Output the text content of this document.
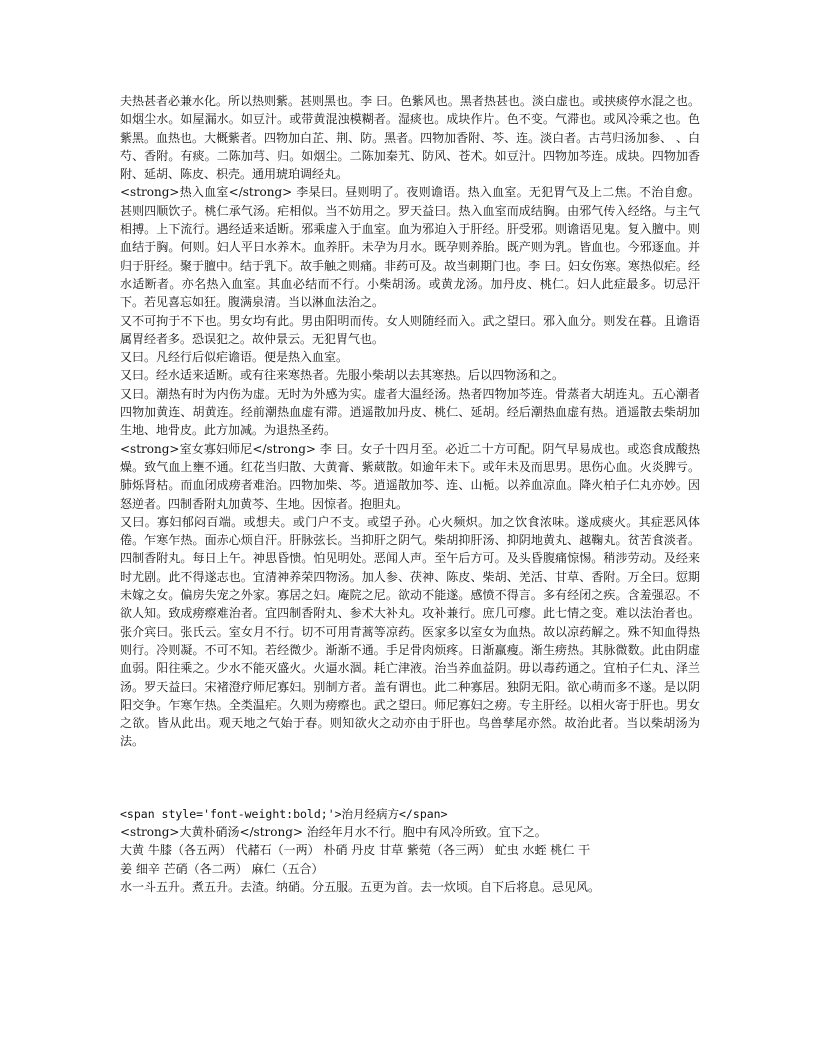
夫热甚者必兼水化。所以热则紫。甚则黑也。李 曰。色紫风也。黑者热甚也。淡白虚也。或挟痰停水混之也。如烟尘水。如屋漏水。如豆汁。或带黄混浊模糊者。湿痰也。成块作片。色不变。气滞也。或风冷乘之也。色紫黑。血热也。大概紫者。四物加白芷、荆、防。黑者。四物加香附、芩、连。淡白者。古芎归汤加参、 、白芍、香附。有痰。二陈加芎、归。如烟尘。二陈加秦艽、防风、苍术。如豆汁。四物加芩连。成块。四物加香附、延胡、陈皮、枳壳。通用琥珀调经丸。

<strong>热入血室</strong> 李杲曰。昼则明了。夜则谵语。热入血室。无犯胃气及上二焦。不治自愈。甚则四顺饮子。桃仁承气汤。疟相似。当不妨用之。罗天益曰。热入血室而成结胸。由邪气传入经络。与主气相搏。上下流行。遇经适来适断。邪乘虚入于血室。血为邪迫入于肝经。肝受邪。则谵语见鬼。复入膻中。则血结于胸。何则。妇人平日水养木。血养肝。未孕为月水。既孕则养胎。既产则为乳。皆血也。今邪逐血。并归于肝经。聚于膻中。结于乳下。故手触之则痛。非药可及。故当刺期门也。李 曰。妇女伤寒。寒热似疟。经水适断者。亦名热入血室。其血必结而不行。小柴胡汤。或黄龙汤。加丹皮、桃仁。妇人此症最多。切忌汗下。若见喜忘如狂。腹满泉清。当以淋血法治之。

又不可拘于不下也。男女均有此。男由阳明而传。女人则随经而入。武之望曰。邪入血分。则发在暮。且谵语属胃经者多。恐误犯之。故仲景云。无犯胃气也。

又曰。凡经行后似疟谵语。便是热入血室。

又曰。经水适来适断。或有往来寒热者。先服小柴胡以去其寒热。后以四物汤和之。

又曰。潮热有时为内伤为虚。无时为外感为实。虚者大温经汤。热者四物加芩连。骨蒸者大胡连丸。五心潮者四物加黄连、胡黄连。经前潮热血虚有滞。逍遥散加丹皮、桃仁、延胡。经后潮热血虚有热。逍遥散去柴胡加生地、地骨皮。此方加减。为退热圣药。

<strong>室女寡妇师尼</strong> 李 曰。女子十四月至。必近二十方可配。阴气早易成也。或恣食成酸热燥。致气血上壅不通。红花当归散、大黄膏、紫葳散。如逾年未下。或年未及而思男。思伤心血。火炎脾亏。肺烁肾枯。而血闭成痨者难治。四物加柴、芩。逍遥散加芩、连、山栀。以养血凉血。降火柏子仁丸亦妙。因怒逆者。四制香附丸加黄芩、生地。因惊者。抱胆丸。

又曰。寡妇郁闷百端。或想夫。或门户不支。或望子孙。心火频炽。加之饮食浓味。遂成痰火。其症恶风体倦。乍寒乍热。面赤心烦自汗。肝脉弦长。当抑肝之阴气。柴胡抑肝汤、抑阴地黄丸、越鞠丸。贫苦食淡者。四制香附丸。每日上午。神思昏愦。怕见明处。恶闻人声。至午后方可。及头昏腹痛惊惕。稍涉劳动。及经来时尤剧。此不得遂志也。宜清神养荣四物汤。加人参、茯神、陈皮、柴胡、羌活、甘草、香附。万全曰。愆期未嫁之女。偏房失宠之外家。寡居之妇。庵院之尼。欲动不能遂。感愤不得言。多有经闭之疾。含羞强忍。不欲人知。致成痨瘵难治者。宜四制香附丸、参术大补丸。攻补兼行。庶几可瘳。此七情之变。难以法治者也。张介宾曰。张氏云。室女月不行。切不可用青蒿等凉药。医家多以室女为血热。故以凉药解之。殊不知血得热则行。冷则凝。不可不知。若经微少。渐渐不通。手足骨肉烦疼。日渐羸瘦。渐生痨热。其脉微数。此由阴虚血弱。阳往乘之。少水不能灭盛火。火逼水涸。耗亡津液。治当养血益阴。毋以毒药通之。宜柏子仁丸、泽兰汤。罗天益曰。宋褚澄疗师尼寡妇。别制方者。盖有谓也。此二种寡居。独阴无阳。欲心萌而多不遂。是以阴阳交争。乍寒乍热。全类温疟。久则为痨瘵也。武之望曰。师尼寡妇之痨。专主肝经。以相火寄于肝也。男女之欲。皆从此出。观天地之气始于春。则知欲火之动亦由于肝也。鸟兽孳尾亦然。故治此者。当以柴胡汤为法。

<span style='font-weight:bold;'>治月经病方</span>

<strong>大黄朴硝汤</strong> 治经年月水不行。胞中有风冷所致。宜下之。

大黄 牛膝（各五两） 代赭石（一两） 朴硝 丹皮 甘草 紫菀（各三两） 虻虫 水蛭 桃仁 干

姜 细辛 芒硝（各二两） 麻仁（五合）

水一斗五升。煮五升。去渣。纳硝。分五服。五更为首。去一炊顷。自下后将息。忌见风。
